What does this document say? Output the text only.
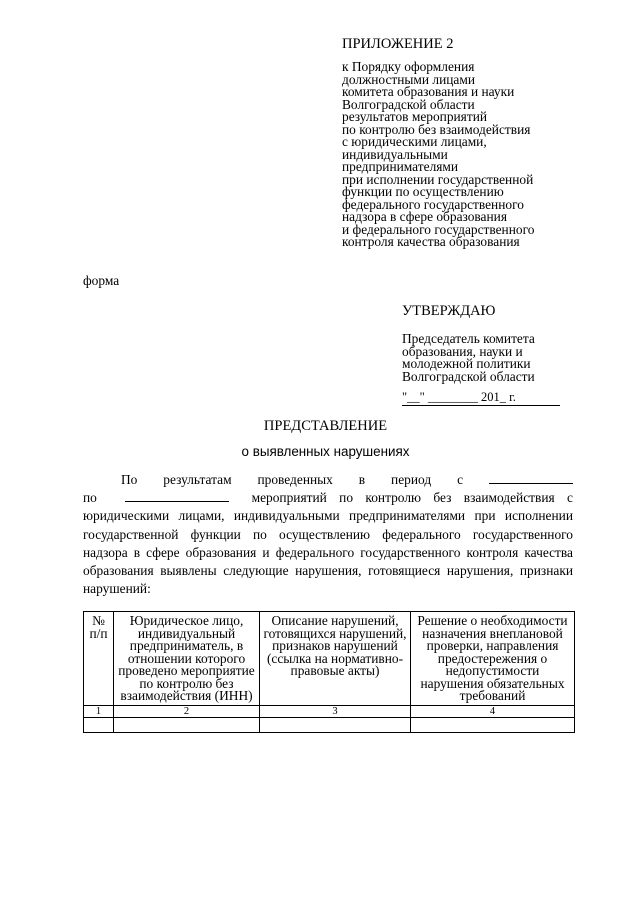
ПРИЛОЖЕНИЕ 2
к Порядку оформления
должностными лицами
комитета образования и науки
Волгоградской области
результатов мероприятий
по контролю без взаимодействия
с юридическими лицами,
индивидуальными
предпринимателями
при исполнении государственной
функции по осуществлению
федерального государственного
надзора в сфере образования
и федерального государственного
контроля качества образования
форма
УТВЕРЖДАЮ
Председатель комитета
образования, науки и
молодежной политики
Волгоградской области
"__" ________ 201_ г.
ПРЕДСТАВЛЕНИЕ
о выявленных нарушениях
По результатам проведенных в период с
по	мероприятий по контролю без взаимодействия с юридическими лицами, индивидуальными предпринимателями при исполнении государственной функции по осуществлению федерального государственного надзора в сфере образования и федерального государственного контроля качества образования выявлены следующие нарушения, готовящиеся нарушения, признаки нарушений:
№ п/п	Юридическое лицо, индивидуальный предприниматель, в отношении которого проведено мероприятие по контролю без взаимодействия (ИНН)	Описание нарушений, готовящихся нарушений, признаков нарушений (ссылка на нормативно-правовые акты)	Решение о необходимости назначения внеплановой проверки, направления предостережения о недопустимости нарушения обязательных требований
1	2	3	4
